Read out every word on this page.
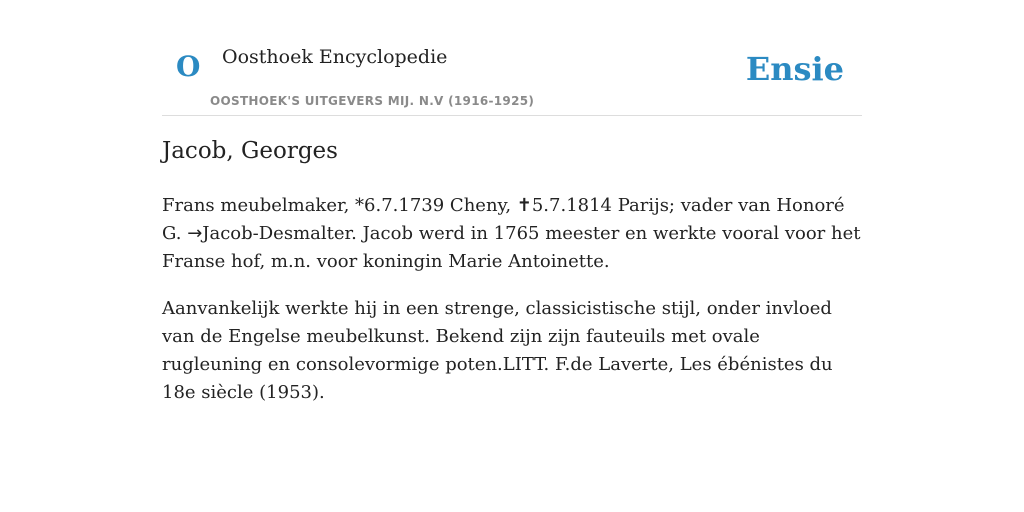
O Oosthoek Encyclopedie
OOSTHOEK'S UITGEVERS MIJ. N.V (1916-1925)
Ensie
Jacob, Georges

Frans meubelmaker, *6.7.1739 Cheny, ✝5.7.1814 Parijs; vader van Honoré G. →Jacob-Desmalter. Jacob werd in 1765 meester en werkte vooral voor het Franse hof, m.n. voor koningin Marie Antoinette.

Aanvankelijk werkte hij in een strenge, classicistische stijl, onder invloed van de Engelse meubelkunst. Bekend zijn zijn fauteuils met ovale rugleuning en consolevormige poten.LITT. F.de Laverte, Les ébénistes du 18e siècle (1953).
